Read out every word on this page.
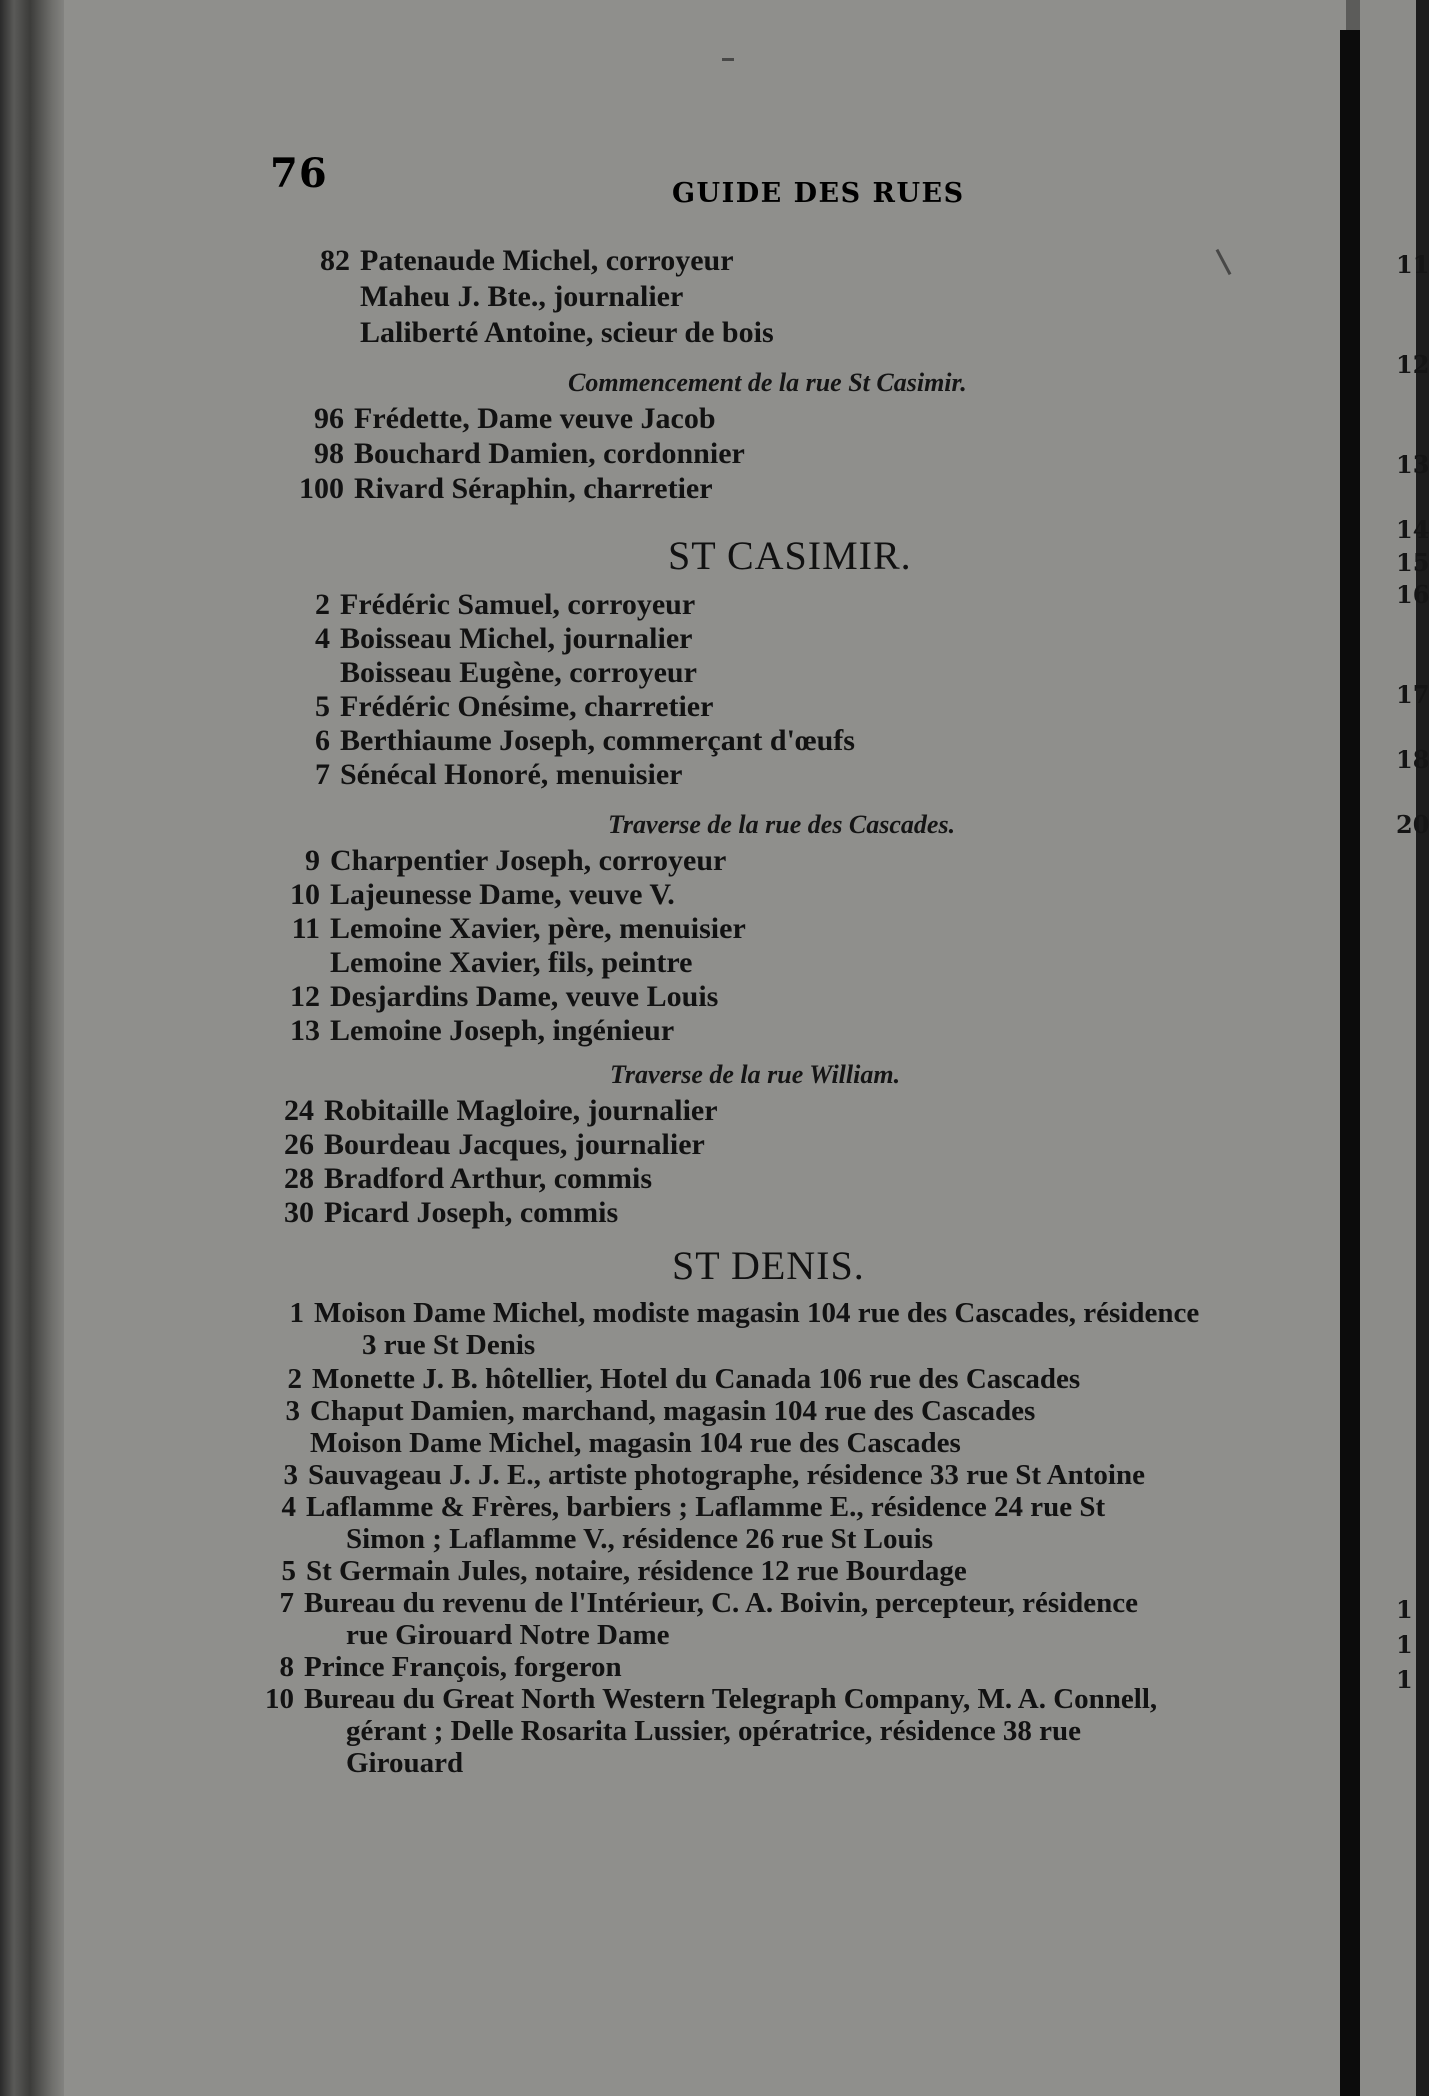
11
12
13
14
15
16
17
18
20
1
1
1
76	GUIDE DES RUES
82 Patenaude Michel, corroyeur
Maheu J. Bte., journalier
Laliberté Antoine, scieur de bois
Commencement de la rue St Casimir.
96 Frédette, Dame veuve Jacob
98 Bouchard Damien, cordonnier
100 Rivard Séraphin, charretier
ST CASIMIR.
2 Frédéric Samuel, corroyeur
4 Boisseau Michel, journalier
Boisseau Eugène, corroyeur
5 Frédéric Onésime, charretier
6 Berthiaume Joseph, commerçant d'œufs
7 Sénécal Honoré, menuisier
Traverse de la rue des Cascades.
9 Charpentier Joseph, corroyeur
10 Lajeunesse Dame, veuve V.
11 Lemoine Xavier, père, menuisier
Lemoine Xavier, fils, peintre
12 Desjardins Dame, veuve Louis
13 Lemoine Joseph, ingénieur
Traverse de la rue William.
24 Robitaille Magloire, journalier
26 Bourdeau Jacques, journalier
28 Bradford Arthur, commis
30 Picard Joseph, commis
ST DENIS.
1 Moison Dame Michel, modiste magasin 104 rue des Cascades, résidence
3 rue St Denis
2 Monette J. B. hôtellier, Hotel du Canada 106 rue des Cascades
3 Chaput Damien, marchand, magasin 104 rue des Cascades
Moison Dame Michel, magasin 104 rue des Cascades
3 Sauvageau J. J. E., artiste photographe, résidence 33 rue St Antoine
4 Laflamme & Frères, barbiers ; Laflamme E., résidence 24 rue St
Simon ; Laflamme V., résidence 26 rue St Louis
5 St Germain Jules, notaire, résidence 12 rue Bourdage
7 Bureau du revenu de l'Intérieur, C. A. Boivin, percepteur, résidence
rue Girouard Notre Dame
8 Prince François, forgeron
10 Bureau du Great North Western Telegraph Company, M. A. Connell,
gérant ; Delle Rosarita Lussier, opératrice, résidence 38 rue
Girouard
